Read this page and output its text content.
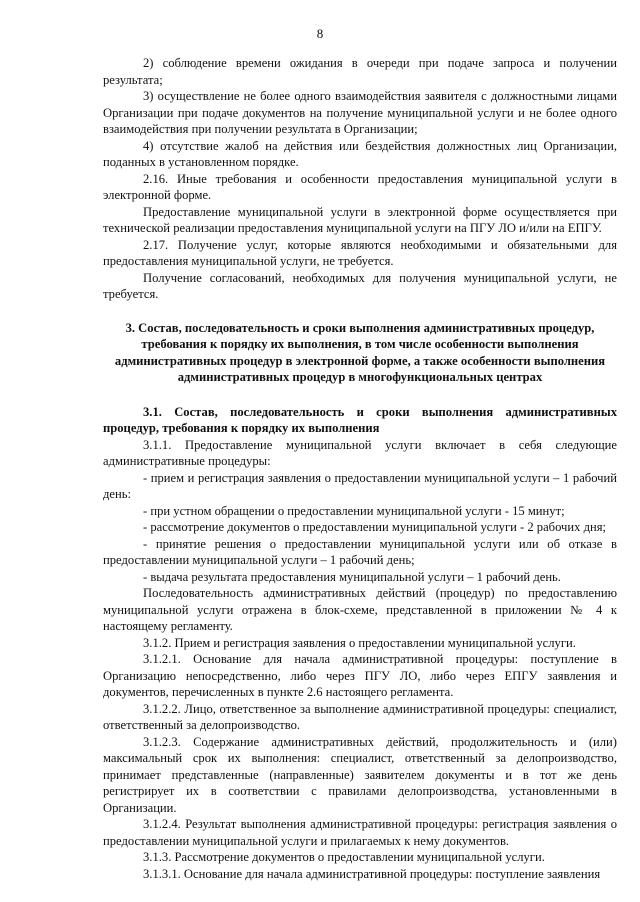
8

2) соблюдение времени ожидания в очереди при подаче запроса и получении результата;

3) осуществление не более одного взаимодействия заявителя с должностными лицами Организации при подаче документов на получение муниципальной услуги и не более одного взаимодействия при получении результата в Организации;

4) отсутствие жалоб на действия или бездействия должностных лиц Организации, поданных в установленном порядке.

2.16. Иные требования и особенности предоставления муниципальной услуги в электронной форме.

Предоставление муниципальной услуги в электронной форме осуществляется при технической реализации предоставления муниципальной услуги на ПГУ ЛО и/или на ЕПГУ.

2.17. Получение услуг, которые являются необходимыми и обязательными для предоставления муниципальной услуги, не требуется.

Получение согласований, необходимых для получения муниципальной услуги, не требуется.

3. Состав, последовательность и сроки выполнения административных процедур, требования к порядку их выполнения, в том числе особенности выполнения административных процедур в электронной форме, а также особенности выполнения административных процедур в многофункциональных центрах

3.1. Состав, последовательность и сроки выполнения административных процедур, требования к порядку их выполнения

3.1.1. Предоставление муниципальной услуги включает в себя следующие административные процедуры:

- прием и регистрация заявления о предоставлении муниципальной услуги – 1 рабочий день:

- при устном обращении о предоставлении муниципальной услуги - 15 минут;

- рассмотрение документов о предоставлении муниципальной услуги - 2 рабочих дня;

- принятие решения о предоставлении муниципальной услуги или об отказе в предоставлении муниципальной услуги – 1 рабочий день;

- выдача результата предоставления муниципальной услуги – 1 рабочий день.

Последовательность административных действий (процедур) по предоставлению муниципальной услуги отражена в блок-схеме, представленной в приложении № 4 к настоящему регламенту.

3.1.2. Прием и регистрация заявления о предоставлении муниципальной услуги.

3.1.2.1. Основание для начала административной процедуры: поступление в Организацию непосредственно, либо через ПГУ ЛО, либо через ЕПГУ заявления и документов, перечисленных в пункте 2.6 настоящего регламента.

3.1.2.2. Лицо, ответственное за выполнение административной процедуры: специалист, ответственный за делопроизводство.

3.1.2.3. Содержание административных действий, продолжительность и (или) максимальный срок их выполнения: специалист, ответственный за делопроизводство, принимает представленные (направленные) заявителем документы и в тот же день регистрирует их в соответствии с правилами делопроизводства, установленными в Организации.

3.1.2.4. Результат выполнения административной процедуры: регистрация заявления о предоставлении муниципальной услуги и прилагаемых к нему документов.

3.1.3. Рассмотрение документов о предоставлении муниципальной услуги.

3.1.3.1. Основание для начала административной процедуры: поступление заявления
